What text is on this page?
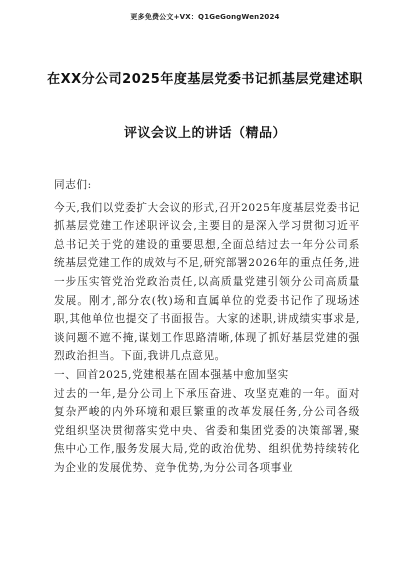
更多免费公文+VX：Q1GeGongWen2024
在XX分公司2025年度基层党委书记抓基层党建述职
评议会议上的讲话（精品）

同志们:

今天,我们以党委扩大会议的形式,召开2025年度基层党委书记抓基层党建工作述职评议会,主要目的是深入学习贯彻习近平总书记关于党的建设的重要思想,全面总结过去一年分公司系统基层党建工作的成效与不足,研究部署2026年的重点任务,进一步压实管党治党政治责任,以高质量党建引领分公司高质量发展。刚才,部分农(牧)场和直属单位的党委书记作了现场述职,其他单位也提交了书面报告。大家的述职,讲成绩实事求是,谈问题不遮不掩,谋划工作思路清晰,体现了抓好基层党建的强烈政治担当。下面,我讲几点意见。

一、回首2025,党建根基在固本强基中愈加坚实

过去的一年,是分公司上下承压奋进、攻坚克难的一年。面对复杂严峻的内外环境和艰巨繁重的改革发展任务,分公司各级党组织坚决贯彻落实党中央、省委和集团党委的决策部署,聚焦中心工作,服务发展大局,党的政治优势、组织优势持续转化为企业的发展优势、竞争优势,为分公司各项事业
